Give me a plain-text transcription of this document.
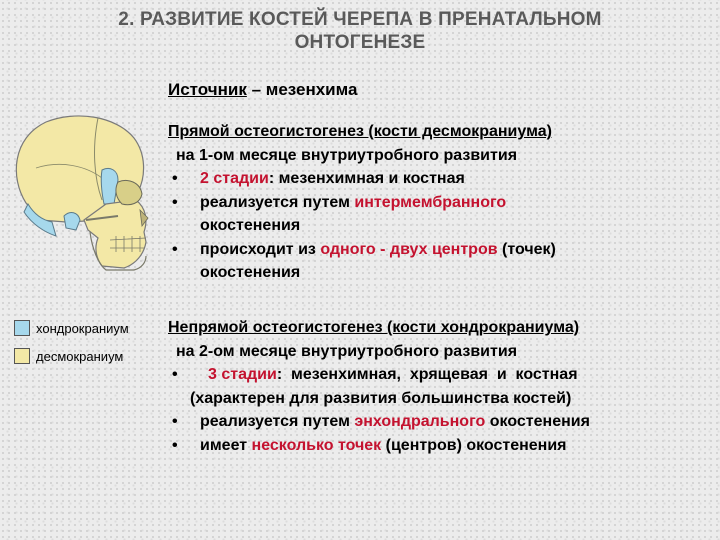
2. РАЗВИТИЕ КОСТЕЙ ЧЕРЕПА В ПРЕНАТАЛЬНОМ
ОНТОГЕНЕЗЕ
хондрокраниум
десмокраниум
Источник – мезенхима
Прямой остеогистогенез (кости десмокраниума)
на 1-ом месяце внутриутробного развития
•	2 стадии: мезенхимная и костная
•	реализуется путем интермембранного
окостенения
•	происходит из одного - двух центров (точек)
окостенения
Непрямой остеогистогенез (кости хондрокраниума)
на 2-ом месяце внутриутробного развития
•	3 стадии:  мезенхимная,  хрящевая  и  костная
(характерен для развития большинства костей)
•	реализуется путем энхондрального окостенения
•	имеет несколько точек (центров) окостенения
